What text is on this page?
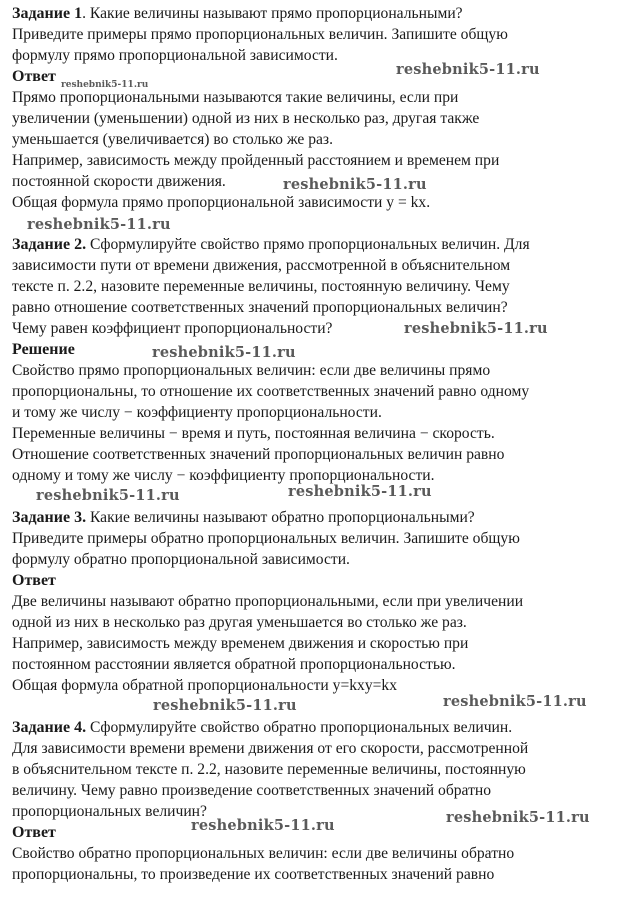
Задание 1. Какие величины называют прямо пропорциональными?
Приведите примеры прямо пропорциональных величин. Запишите общую
формулу прямо пропорциональной зависимости.
Ответ
Прямо пропорциональными называются такие величины, если при
увеличении (уменьшении) одной из них в несколько раз, другая также
уменьшается (увеличивается) во столько же раз.
Например, зависимость между пройденный расстоянием и временем при
постоянной скорости движения.
Общая формула прямо пропорциональной зависимости y = kx.
Задание 2. Сформулируйте свойство прямо пропорциональных величин. Для
зависимости пути от времени движения, рассмотренной в объяснительном
тексте п. 2.2, назовите переменные величины, постоянную величину. Чему
равно отношение соответственных значений пропорциональных величин?
Чему равен коэффициент пропорциональности?
Решение
Свойство прямо пропорциональных величин: если две величины прямо
пропорциональны, то отношение их соответственных значений равно одному
и тому же числу − коэффициенту пропорциональности.
Переменные величины − время и путь, постоянная величина − скорость.
Отношение соответственных значений пропорциональных величин равно
одному и тому же числу − коэффициенту пропорциональности.
Задание 3. Какие величины называют обратно пропорциональными?
Приведите примеры обратно пропорциональных величин. Запишите общую
формулу обратно пропорциональной зависимости.
Ответ
Две величины называют обратно пропорциональными, если при увеличении
одной из них в несколько раз другая уменьшается во столько же раз.
Например, зависимость между временем движения и скоростью при
постоянном расстоянии является обратной пропорциональностью.
Общая формула обратной пропорциональности y=kxy=kx
Задание 4. Сформулируйте свойство обратно пропорциональных величин.
Для зависимости времени времени движения от его скорости, рассмотренной
в объяснительном тексте п. 2.2, назовите переменные величины, постоянную
величину. Чему равно произведение соответственных значений обратно
пропорциональных величин?
Ответ
Свойство обратно пропорциональных величин: если две величины обратно
пропорциональны, то произведение их соответственных значений равно
reshebnik5-11.ru
reshebnik5-11.ru
reshebnik5-11.ru
reshebnik5-11.ru
reshebnik5-11.ru
reshebnik5-11.ru
reshebnik5-11.ru	reshebnik5-11.ru
reshebnik5-11.ru	reshebnik5-11.ru
reshebnik5-11.ru	reshebnik5-11.ru
